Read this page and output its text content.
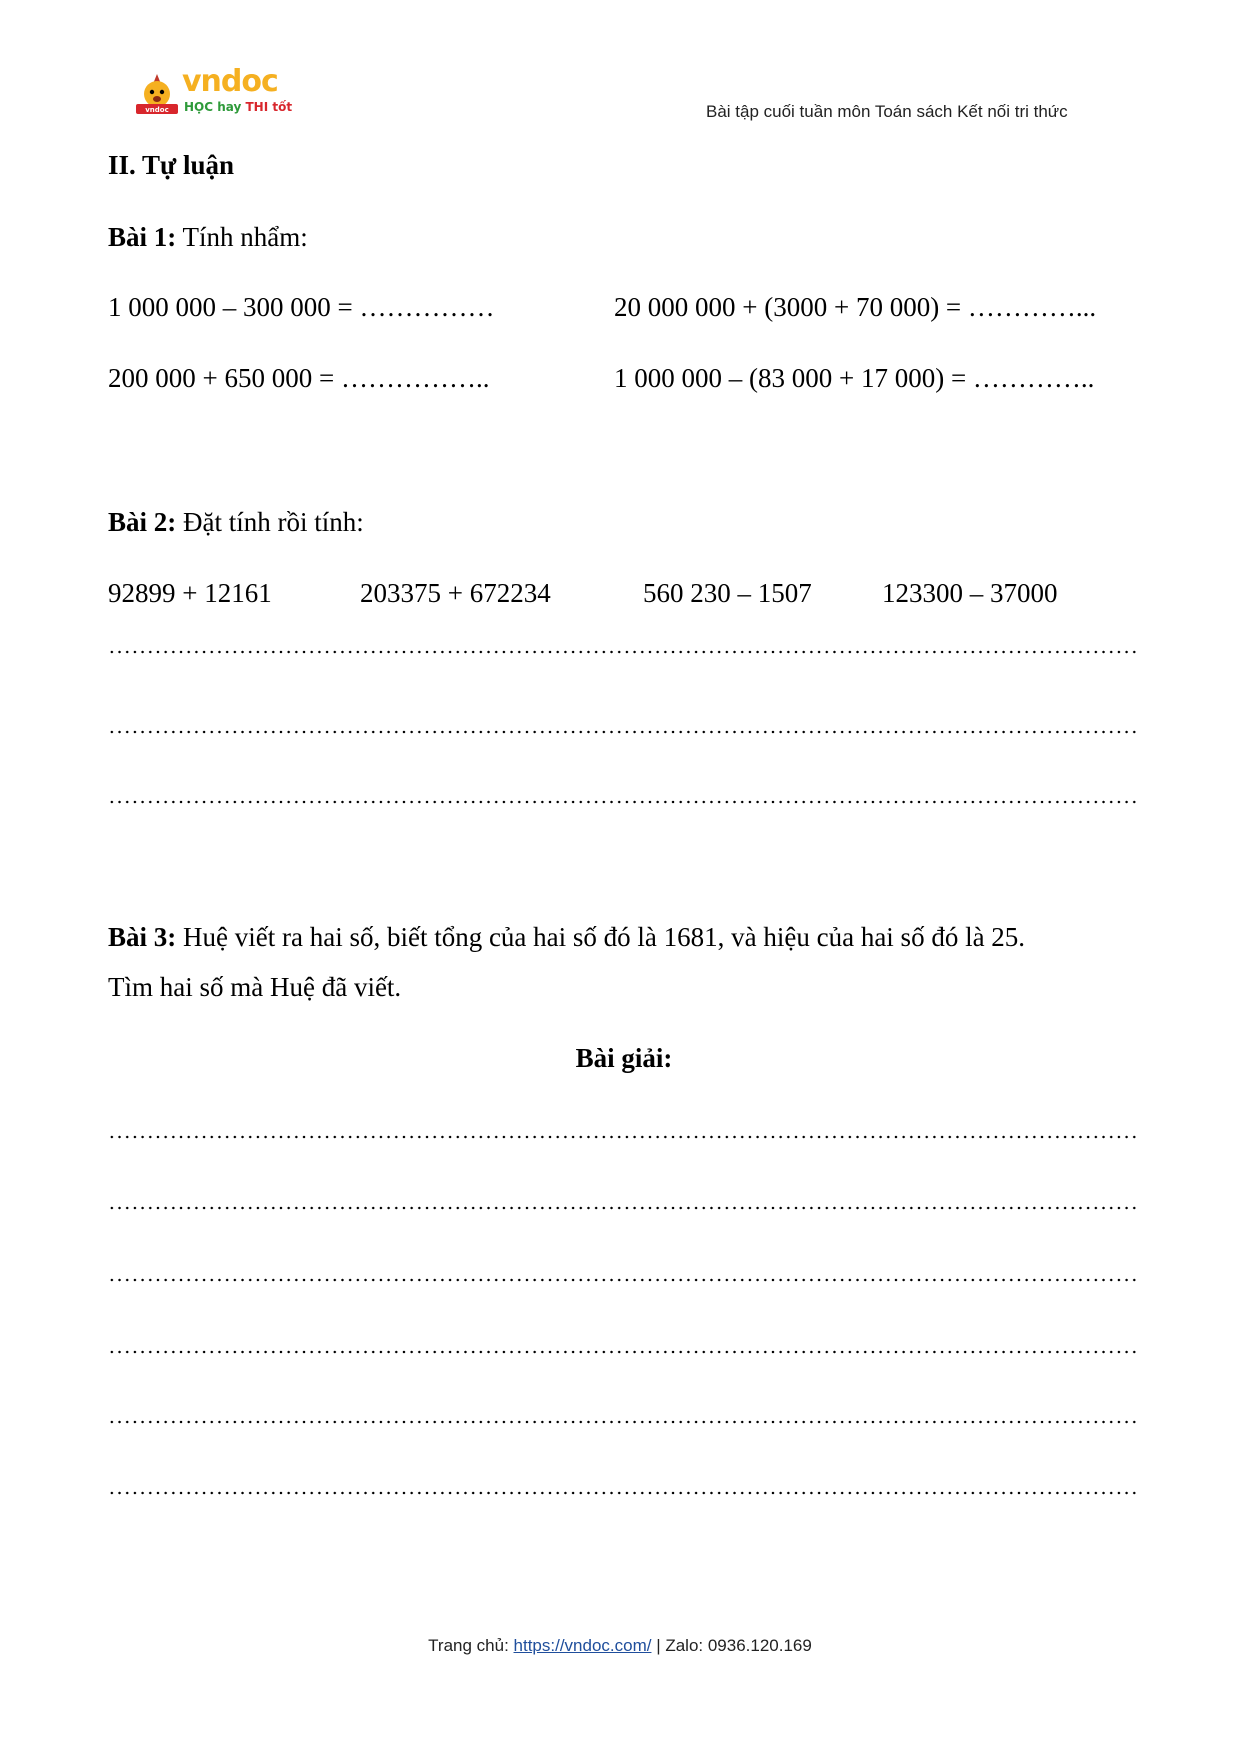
vndoc
vndoc
HỌC hay THI tốt	Bài tập cuối tuần môn Toán sách Kết nối tri thức
II. Tự luận
Bài 1: Tính nhẩm:
1 000 000 – 300 000 = ……………	20 000 000 + (3000 + 70 000) = …………...
200 000 + 650 000 = ……………..	1 000 000 – (83 000 + 17 000) = …………..
Bài 2: Đặt tính rồi tính:
92899 + 12161	203375 + 672234	560 230 – 1507	123300 – 37000
Bài 3: Huệ viết ra hai số, biết tổng của hai số đó là 1681, và hiệu của hai số đó là 25.
Tìm hai số mà Huệ đã viết.
Bài giải:
Trang chủ: https://vndoc.com/ | Zalo: 0936.120.169
